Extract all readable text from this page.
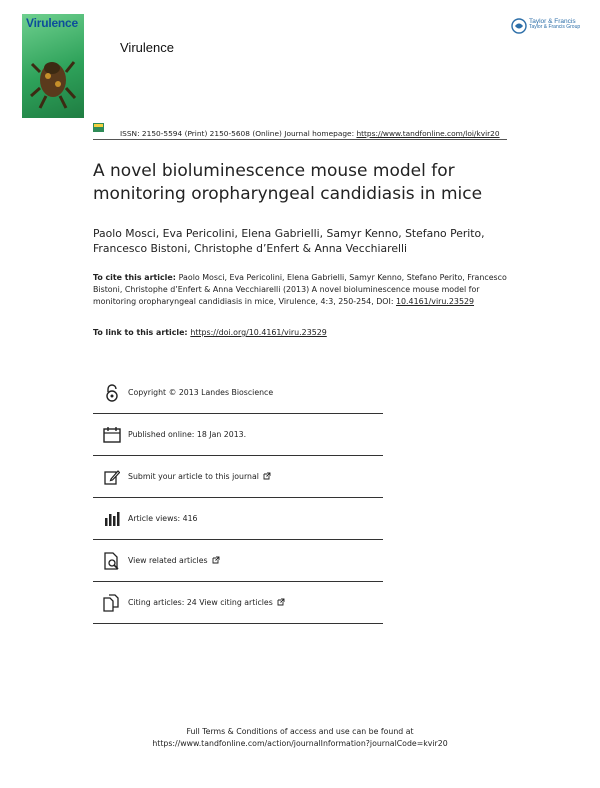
Virulence
Virulence
Taylor & Francis
Taylor & Francis Group
ISSN: 2150-5594 (Print) 2150-5608 (Online) Journal homepage: https://www.tandfonline.com/loi/kvir20
A novel bioluminescence mouse model for monitoring oropharyngeal candidiasis in mice
Paolo Mosci, Eva Pericolini, Elena Gabrielli, Samyr Kenno, Stefano Perito, Francesco Bistoni, Christophe d’Enfert & Anna Vecchiarelli
To cite this article: Paolo Mosci, Eva Pericolini, Elena Gabrielli, Samyr Kenno, Stefano Perito, Francesco Bistoni, Christophe d’Enfert & Anna Vecchiarelli (2013) A novel bioluminescence mouse model for monitoring oropharyngeal candidiasis in mice, Virulence, 4:3, 250-254, DOI: 10.4161/viru.23529
To link to this article: https://doi.org/10.4161/viru.23529
Copyright © 2013 Landes Bioscience
Published online: 18 Jan 2013.
Submit your article to this journal
Article views: 416
View related articles
Citing articles: 24 View citing articles
Full Terms & Conditions of access and use can be found at
https://www.tandfonline.com/action/journalInformation?journalCode=kvir20
